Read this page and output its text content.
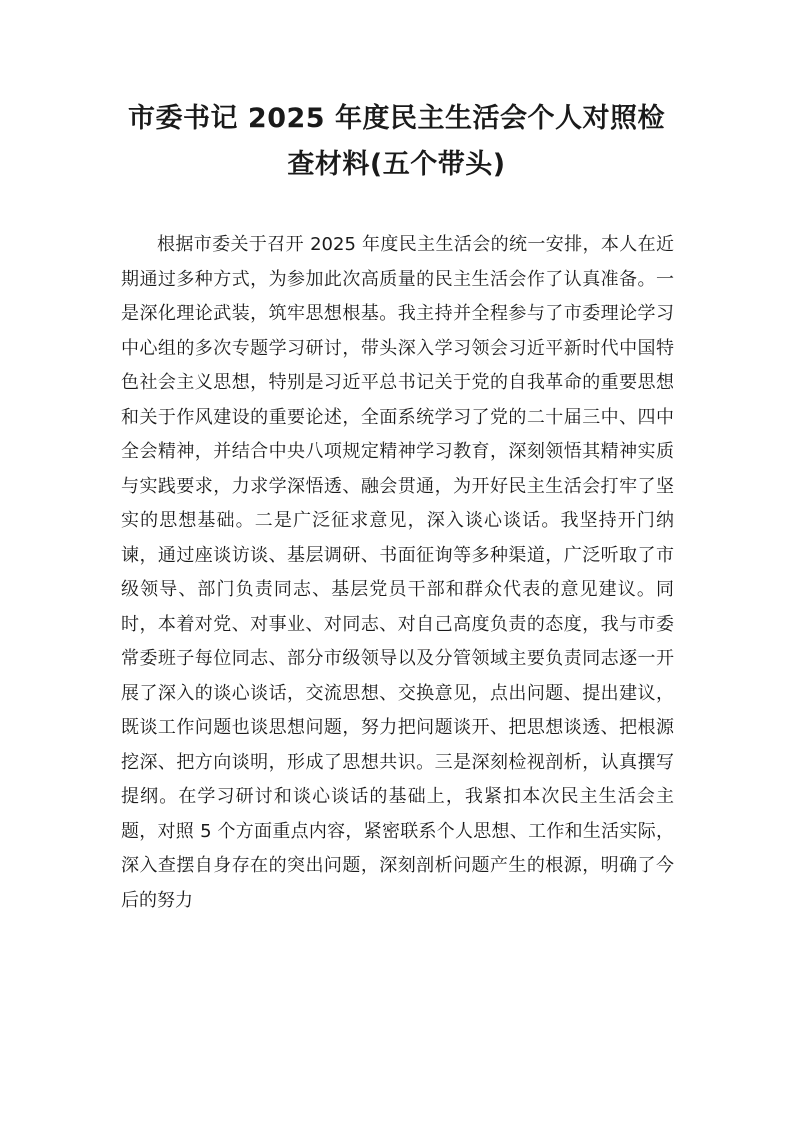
市委书记 2025 年度民主生活会个人对照检
查材料(五个带头)

根据市委关于召开 2025 年度民主生活会的统一安排，本人在近期通过多种方式，为参加此次高质量的民主生活会作了认真准备。一是深化理论武装，筑牢思想根基。我主持并全程参与了市委理论学习中心组的多次专题学习研讨，带头深入学习领会习近平新时代中国特色社会主义思想，特别是习近平总书记关于党的自我革命的重要思想和关于作风建设的重要论述，全面系统学习了党的二十届三中、四中全会精神，并结合中央八项规定精神学习教育，深刻领悟其精神实质与实践要求，力求学深悟透、融会贯通，为开好民主生活会打牢了坚实的思想基础。二是广泛征求意见，深入谈心谈话。我坚持开门纳谏，通过座谈访谈、基层调研、书面征询等多种渠道，广泛听取了市级领导、部门负责同志、基层党员干部和群众代表的意见建议。同时，本着对党、对事业、对同志、对自己高度负责的态度，我与市委常委班子每位同志、部分市级领导以及分管领域主要负责同志逐一开展了深入的谈心谈话，交流思想、交换意见，点出问题、提出建议，既谈工作问题也谈思想问题，努力把问题谈开、把思想谈透、把根源挖深、把方向谈明，形成了思想共识。三是深刻检视剖析，认真撰写提纲。在学习研讨和谈心谈话的基础上，我紧扣本次民主生活会主题，对照 5 个方面重点内容，紧密联系个人思想、工作和生活实际，深入查摆自身存在的突出问题，深刻剖析问题产生的根源，明确了今后的努力
